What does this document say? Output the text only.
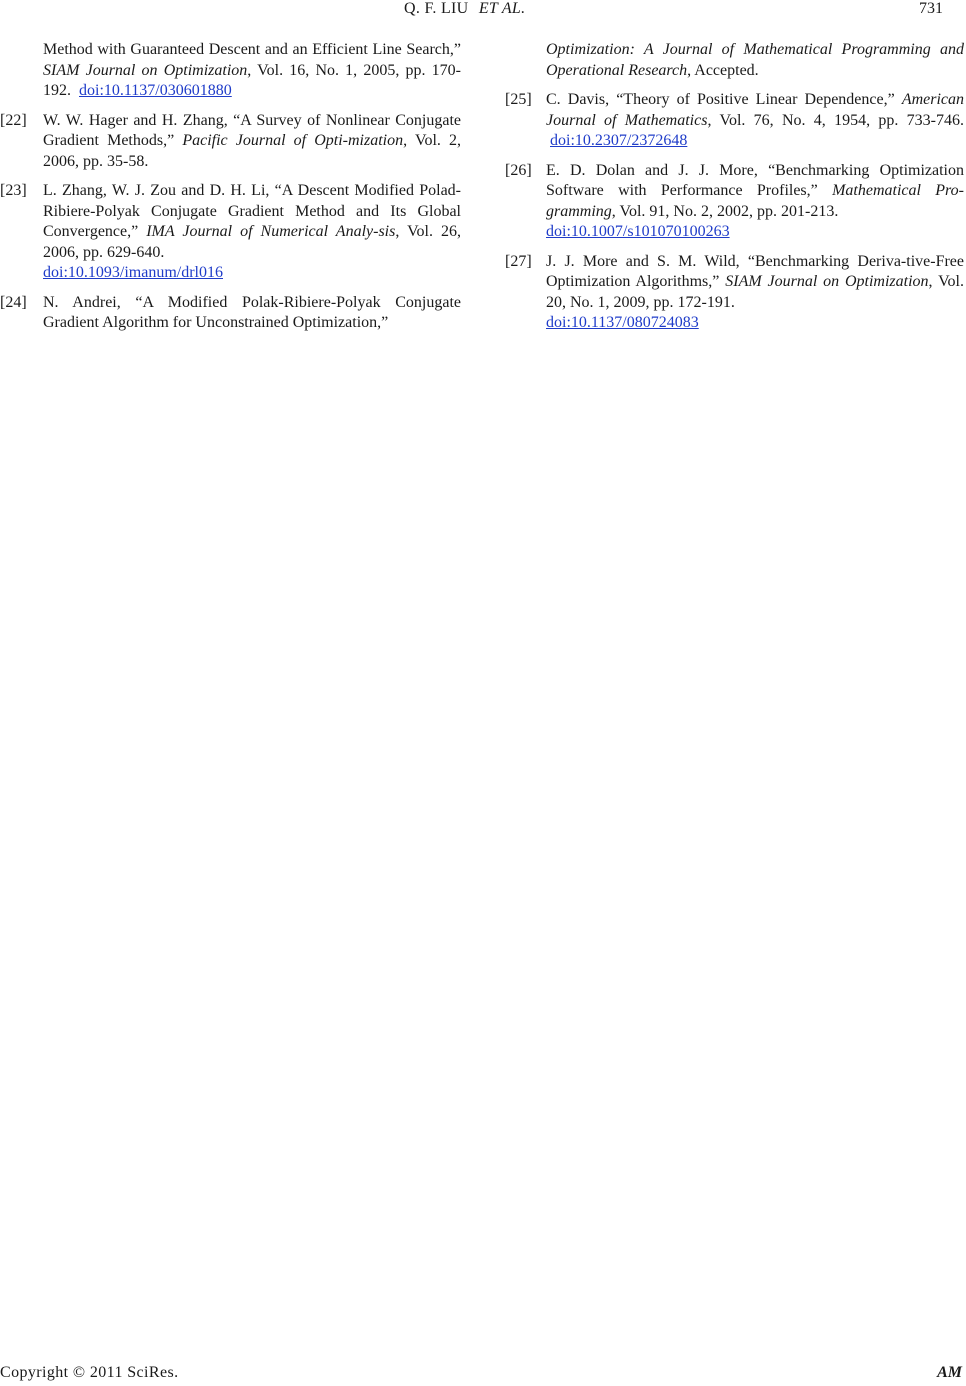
Q. F. LIU ET AL.	731
Method with Guaranteed Descent and an Efficient Line Search,” SIAM Journal on Optimization, Vol. 16, No. 1, 2005, pp. 170-192. doi:10.1137/030601880
[22]	W. W. Hager and H. Zhang, “A Survey of Nonlinear Conjugate Gradient Methods,” Pacific Journal of Opti-mization, Vol. 2, 2006, pp. 35-58.
[23]	L. Zhang, W. J. Zou and D. H. Li, “A Descent Modified Polad-Ribiere-Polyak Conjugate Gradient Method and Its Global Convergence,” IMA Journal of Numerical Analy-sis, Vol. 26, 2006, pp. 629-640.
doi:10.1093/imanum/drl016
[24]	N. Andrei, “A Modified Polak-Ribiere-Polyak Conjugate Gradient Algorithm for Unconstrained Optimization,”
Optimization: A Journal of Mathematical Programming and Operational Research, Accepted.
[25] C. Davis, “Theory of Positive Linear Dependence,” American Journal of Mathematics, Vol. 76, No. 4, 1954, pp. 733-746. doi:10.2307/2372648
[26] E. D. Dolan and J. J. More, “Benchmarking Optimization Software with Performance Profiles,” Mathematical Pro-gramming, Vol. 91, No. 2, 2002, pp. 201-213.
doi:10.1007/s101070100263
[27] J. J. More and S. M. Wild, “Benchmarking Deriva-tive-Free Optimization Algorithms,” SIAM Journal on Optimization, Vol. 20, No. 1, 2009, pp. 172-191.
doi:10.1137/080724083
Copyright © 2011 SciRes.	AM
